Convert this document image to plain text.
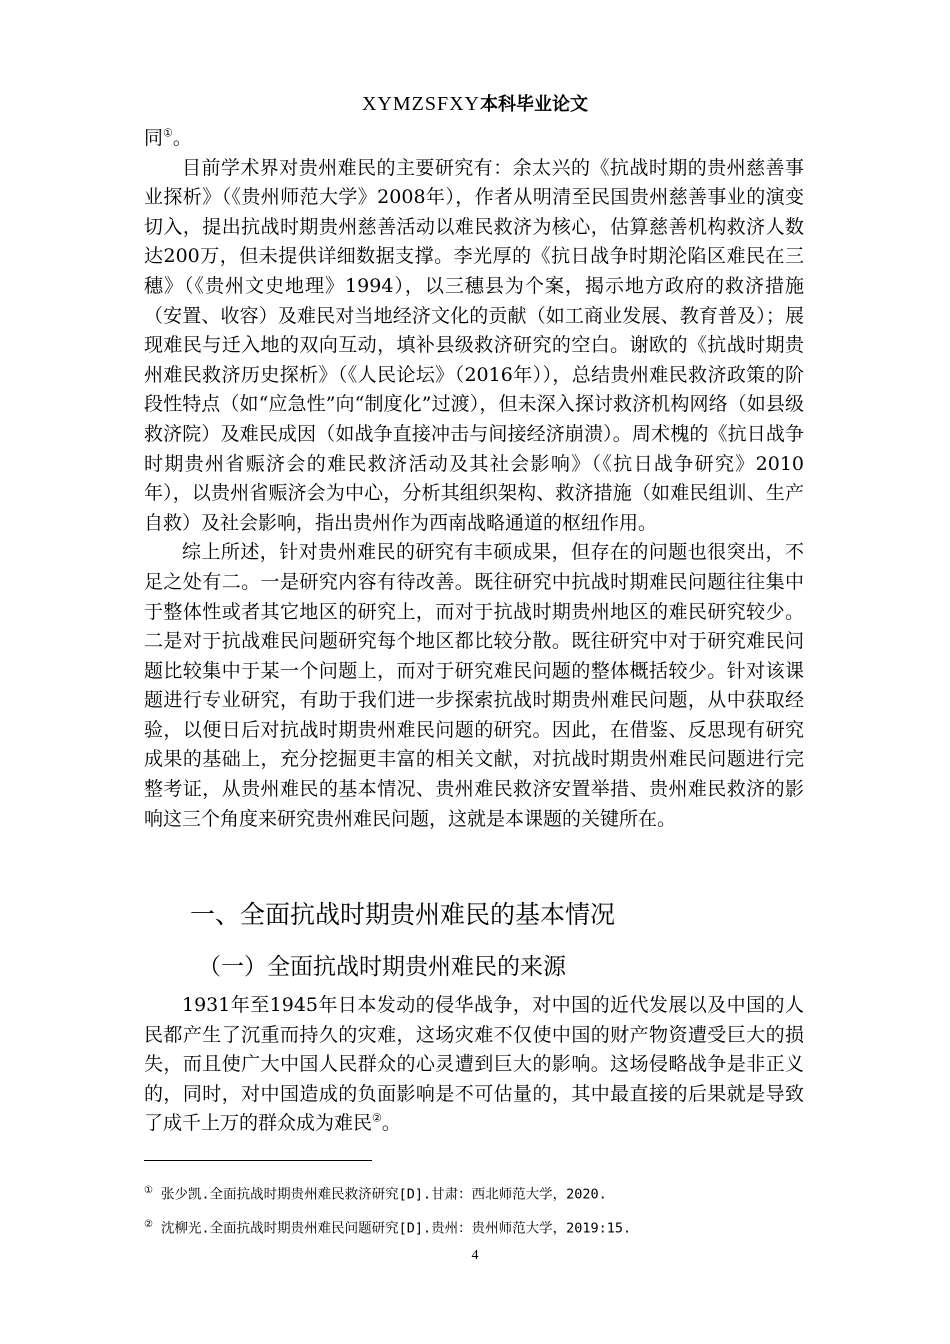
XYMZSFXY本科毕业论文

同①。

目前学术界对贵州难民的主要研究有：余太兴的《抗战时期的贵州慈善事业探析》（《贵州师范大学》2008年），作者从明清至民国贵州慈善事业的演变切入，提出抗战时期贵州慈善活动以难民救济为核心，估算慈善机构救济人数达200万，但未提供详细数据支撑。李光厚的《抗日战争时期沦陷区难民在三穗》（《贵州文史地理》1994），以三穗县为个案，揭示地方政府的救济措施（安置、收容）及难民对当地经济文化的贡献（如工商业发展、教育普及）；展现难民与迁入地的双向互动，填补县级救济研究的空白。谢欧的《抗战时期贵州难民救济历史探析》（《人民论坛》（2016年）），总结贵州难民救济政策的阶段性特点（如“应急性”向“制度化”过渡），但未深入探讨救济机构网络（如县级救济院）及难民成因（如战争直接冲击与间接经济崩溃）。周术槐的《抗日战争时期贵州省赈济会的难民救济活动及其社会影响》（《抗日战争研究》2010年），以贵州省赈济会为中心，分析其组织架构、救济措施（如难民组训、生产自救）及社会影响，指出贵州作为西南战略通道的枢纽作用。

综上所述，针对贵州难民的研究有丰硕成果，但存在的问题也很突出，不足之处有二。一是研究内容有待改善。既往研究中抗战时期难民问题往往集中于整体性或者其它地区的研究上，而对于抗战时期贵州地区的难民研究较少。二是对于抗战难民问题研究每个地区都比较分散。既往研究中对于研究难民问题比较集中于某一个问题上，而对于研究难民问题的整体概括较少。针对该课题进行专业研究，有助于我们进一步探索抗战时期贵州难民问题，从中获取经验，以便日后对抗战时期贵州难民问题的研究。因此，在借鉴、反思现有研究成果的基础上，充分挖掘更丰富的相关文献，对抗战时期贵州难民问题进行完整考证，从贵州难民的基本情况、贵州难民救济安置举措、贵州难民救济的影响这三个角度来研究贵州难民问题，这就是本课题的关键所在。

一、全面抗战时期贵州难民的基本情况
（一）全面抗战时期贵州难民的来源

1931年至1945年日本发动的侵华战争，对中国的近代发展以及中国的人民都产生了沉重而持久的灾难，这场灾难不仅使中国的财产物资遭受巨大的损失，而且使广大中国人民群众的心灵遭到巨大的影响。这场侵略战争是非正义的，同时，对中国造成的负面影响是不可估量的，其中最直接的后果就是导致了成千上万的群众成为难民②。

① 张少凯.全面抗战时期贵州难民救济研究[D].甘肃：西北师范大学，2020.
② 沈柳光.全面抗战时期贵州难民问题研究[D].贵州：贵州师范大学，2019:15.
4
